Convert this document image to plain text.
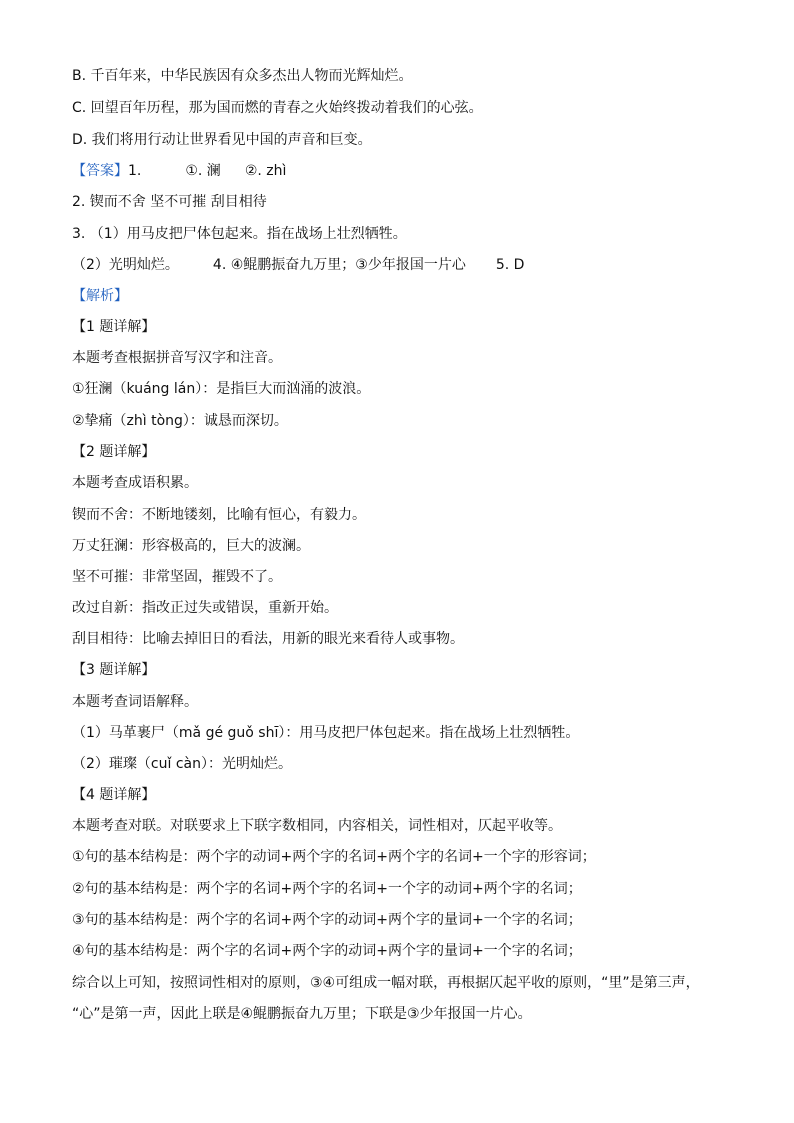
B. 千百年来，中华民族因有众多杰出人物而光辉灿烂。
C. 回望百年历程，那为国而燃的青春之火始终拨动着我们的心弦。
D. 我们将用行动让世界看见中国的声音和巨变。
【答案】1.	①. 澜 ②. zhì
2. 锲而不舍 坚不可摧 刮目相待
3. （1）用马皮把尸体包起来。指在战场上壮烈牺牲。
（2）光明灿烂。 4. ④鲲鹏振奋九万里；③少年报国一片心 5. D
【解析】
【1 题详解】
本题考查根据拼音写汉字和注音。
①狂澜（kuáng lán）：是指巨大而汹涌的波浪。
②挚痛（zhì tòng）：诚恳而深切。
【2 题详解】
本题考查成语积累。
锲而不舍：不断地镂刻，比喻有恒心，有毅力。
万丈狂澜：形容极高的，巨大的波澜。
坚不可摧：非常坚固，摧毁不了。
改过自新：指改正过失或错误，重新开始。
刮目相待：比喻去掉旧日的看法，用新的眼光来看待人或事物。
【3 题详解】
本题考查词语解释。
（1）马革裹尸（mǎ gé guǒ shī）：用马皮把尸体包起来。指在战场上壮烈牺牲。
（2）璀璨（cuǐ càn）：光明灿烂。
【4 题详解】
本题考查对联。对联要求上下联字数相同，内容相关，词性相对，仄起平收等。
①句的基本结构是：两个字的动词+两个字的名词+两个字的名词+一个字的形容词；
②句的基本结构是：两个字的名词+两个字的名词+一个字的动词+两个字的名词；
③句的基本结构是：两个字的名词+两个字的动词+两个字的量词+一个字的名词；
④句的基本结构是：两个字的名词+两个字的动词+两个字的量词+一个字的名词；
综合以上可知，按照词性相对的原则，③④可组成一幅对联，再根据仄起平收的原则，“里”是第三声，
“心”是第一声，因此上联是④鲲鹏振奋九万里；下联是③少年报国一片心。
